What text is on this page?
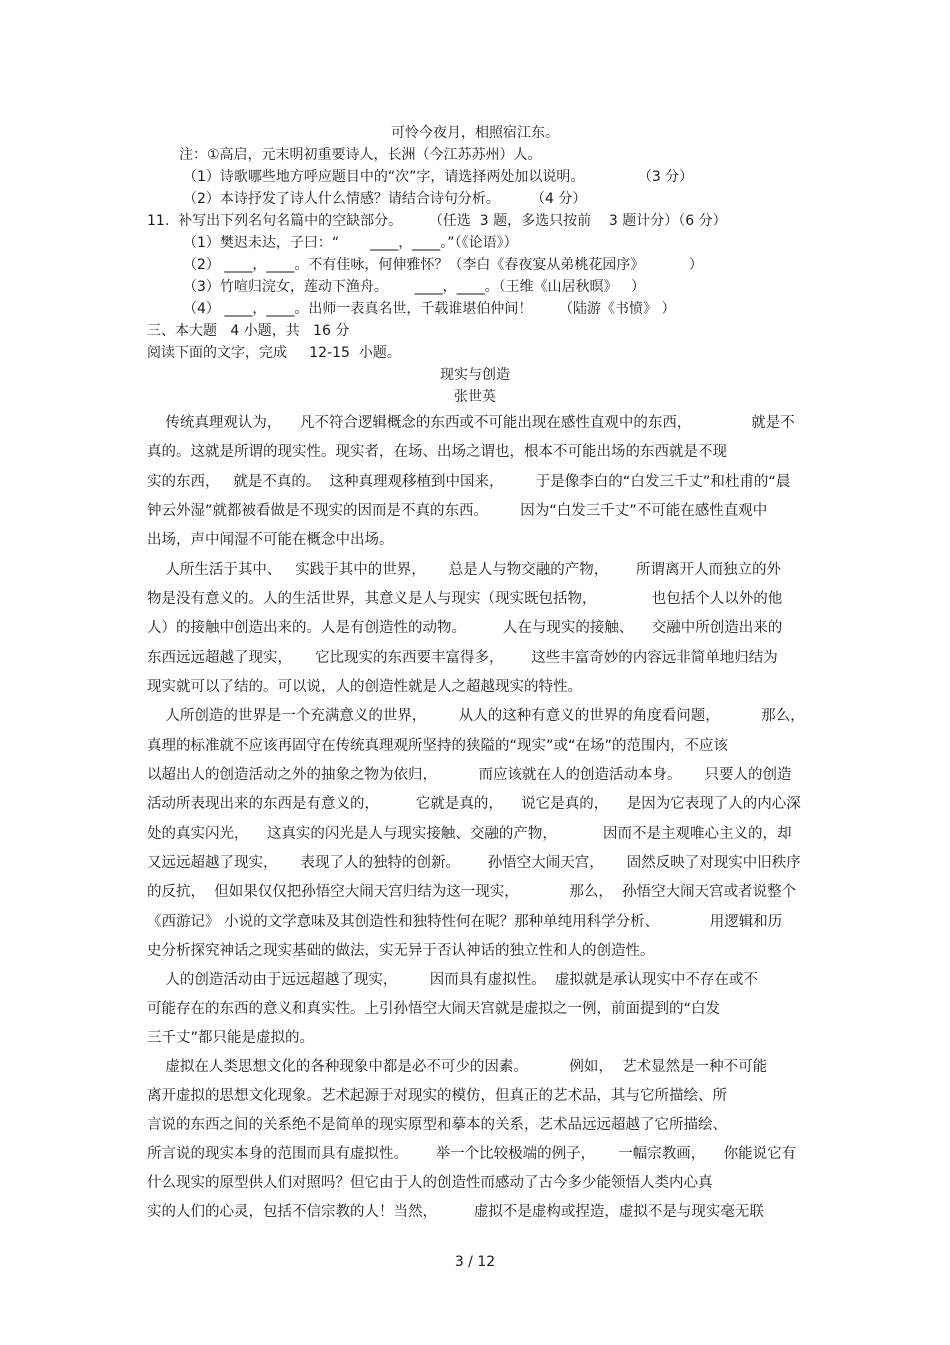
可怜今夜月，相照宿江东。
注：①高启，元末明初重要诗人，长洲（今江苏苏州）人。
（1）诗歌哪些地方呼应题目中的“次”字，请选择两处加以说明。            （3 分）
（2）本诗抒发了诗人什么情感？请结合诗句分析。       （4 分）
11.  补写出下列名句名篇中的空缺部分。      （任选  3 题，多选只按前    3 题计分）（6 分）
（1）樊迟未达，子曰：“       ____，____。”（《论语》）
（2） ____，____。不有佳咏，何伸雅怀？（李白《春夜宴从弟桃花园序》          ）
（3）竹喧归浣女，莲动下渔舟。      ____，____。（王维《山居秋暝》   ）
（4） ____，____。出师一表真名世，千载谁堪伯仲间！      （陆游《书愤》 ）
三、本大题   4 小题，共   16 分
阅读下面的文字，完成     12-15  小题。
现实与创造
张世英
传统真理观认为，    凡不符合逻辑概念的东西或不可能出现在感性直观中的东西，             就是不
真的。这就是所谓的现实性。现实者，在场、出场之谓也，根本不可能出场的东西就是不现
实的东西，   就是不真的。  这种真理观移植到中国来，       于是像李白的“白发三千丈”和杜甫的“晨
钟云外湿”就都被看做是不现实的因而是不真的东西。       因为“白发三千丈”不可能在感性直观中
出场，声中闻湿不可能在概念中出场。
人所生活于其中、   实践于其中的世界，     总是人与物交融的产物，      所谓离开人而独立的外
物是没有意义的。人的生活世界，其意义是人与现实（现实既包括物，            也包括个人以外的他
人）的接触中创造出来的。人是有创造性的动物。        人在与现实的接触、    交融中所创造出来的
东西远远超越了现实，     它比现实的东西要丰富得多，      这些丰富奇妙的内容远非简单地归结为
现实就可以了结的。可以说，人的创造性就是人之超越现实的特性。
人所创造的世界是一个充满意义的世界，       从人的这种有意义的世界的角度看问题，         那么，
真理的标准就不应该再固守在传统真理观所坚持的狭隘的“现实”或“在场”的范围内，不应该
以超出人的创造活动之外的抽象之物为依归，         而应该就在人的创造活动本身。     只要人的创造
活动所表现出来的东西是有意义的，        它就是真的，    说它是真的，    是因为它表现了人的内心深
处的真实闪光，    这真实的闪光是人与现实接触、交融的产物，          因而不是主观唯心主义的，却
又远远超越了现实，     表现了人的独特的创新。      孙悟空大闹天宫，     固然反映了对现实中旧秩序
的反抗，  但如果仅仅把孙悟空大闹天宫归结为这一现实，           那么，  孙悟空大闹天宫或者说整个
《西游记》 小说的文学意味及其创造性和独特性何在呢？那种单纯用科学分析、           用逻辑和历
史分析探究神话之现实基础的做法，实无异于否认神话的独立性和人的创造性。
人的创造活动由于远远超越了现实，       因而具有虚拟性。  虚拟就是承认现实中不存在或不
可能存在的东西的意义和真实性。上引孙悟空大闹天宫就是虚拟之一例，前面提到的“白发
三千丈”都只能是虚拟的。
虚拟在人类思想文化的各种现象中都是必不可少的因素。         例如，  艺术显然是一种不可能
离开虚拟的思想文化现象。艺术起源于对现实的模仿，但真正的艺术品，其与它所描绘、所
言说的东西之间的关系绝不是简单的现实原型和摹本的关系，艺术品远远超越了它所描绘、
所言说的现实本身的范围而具有虚拟性。      举一个比较极端的例子，     一幅宗教画，    你能说它有
什么现实的原型供人们对照吗？但它由于人的创造性而感动了古今多少能领悟人类内心真
实的人们的心灵，包括不信宗教的人！当然，        虚拟不是虚构或捏造，虚拟不是与现实毫无联
3 / 12
